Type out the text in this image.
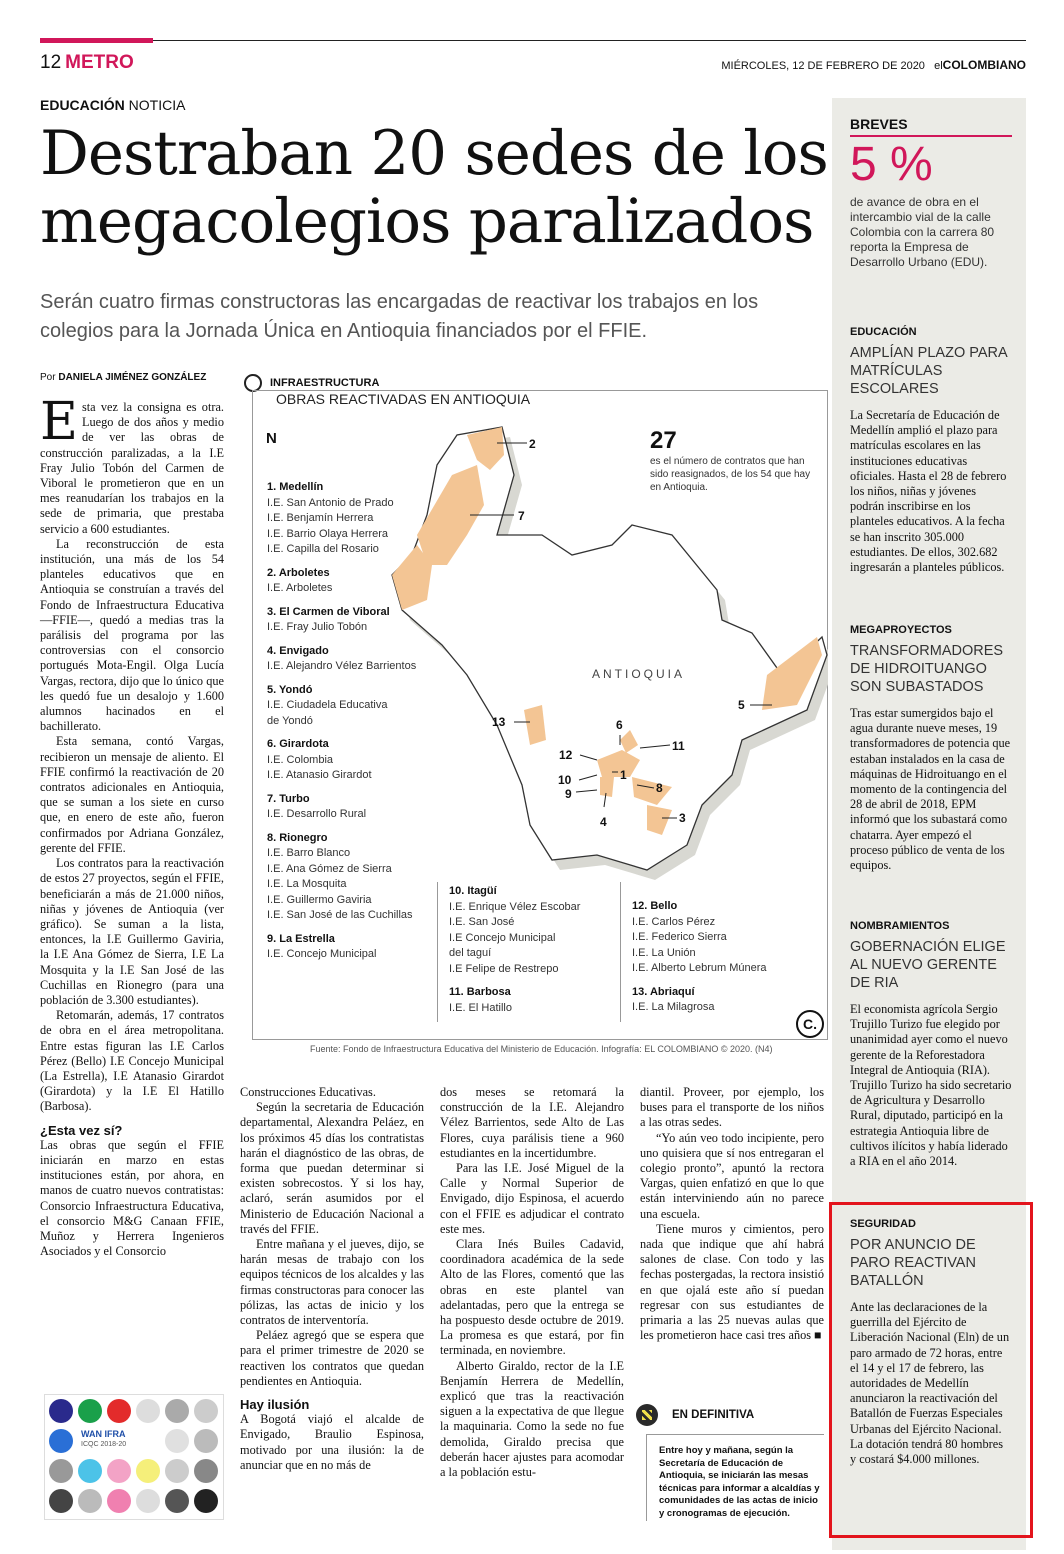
12 METRO	MIÉRCOLES, 12 DE FEBRERO DE 2020 elCOLOMBIANO
EDUCACIÓN NOTICIA
Destraban 20 sedes de los megacolegios paralizados
Serán cuatro firmas constructoras las encargadas de reactivar los trabajos en los colegios para la Jornada Única en Antioquia financiados por el FFIE.
Por DANIELA JIMÉNEZ GONZÁLEZ

Esta vez la consigna es otra. Luego de dos años y medio de ver las obras de construcción paralizadas, a la I.E Fray Julio Tobón del Carmen de Viboral le prometieron que en un mes reanudarían los trabajos en la sede de primaria, que prestaba servicio a 600 estudiantes.

La reconstrucción de esta institución, una más de los 54 planteles educativos que en Antioquia se construían a través del Fondo de Infraestructura Educativa —FFIE—, quedó a medias tras la parálisis del programa por las controversias con el consorcio portugués Mota-Engil. Olga Lucía Vargas, rectora, dijo que lo único que les quedó fue un desalojo y 1.600 alumnos hacinados en el bachillerato.

Esta semana, contó Vargas, recibieron un mensaje de aliento. El FFIE confirmó la reactivación de 20 contratos adicionales en Antioquia, que se suman a los siete en curso que, en enero de este año, fueron confirmados por Adriana González, gerente del FFIE.

Los contratos para la reactivación de estos 27 proyectos, según el FFIE, beneficiarán a más de 21.000 niños, niñas y jóvenes de Antioquia (ver gráfico). Se suman a la lista, entonces, la I.E Guillermo Gaviria, la I.E Ana Gómez de Sierra, I.E La Mosquita y la I.E San José de las Cuchillas en Rionegro (para una población de 3.300 estudiantes).

Retomarán, además, 17 contratos de obra en el área metropolitana. Entre estas figuran las I.E Carlos Pérez (Bello) I.E Concejo Municipal (La Estrella), I.E Atanasio Girardot (Girardota) y la I.E El Hatillo (Barbosa).

¿Esta vez sí?

Las obras que según el FFIE iniciarán en marzo en estas instituciones están, por ahora, en manos de cuatro nuevos contratistas: Consorcio Infraestructura Educativa, el consorcio M&G Canaan FFIE, Muñoz y Herrera Ingenieros Asociados y el Consorcio

WAN IFRA
ICQC 2018-20
INFRAESTRUCTURA
OBRAS REACTIVADAS EN ANTIOQUIA
2
7
1
8
3
5
6
11
13
12
10
9
4
ANTIOQUIA
N	27
es el número de contratos que han sido reasignados, de los 54 que hay en Antioquia.
1. Medellín
I.E. San Antonio de Prado
I.E. Benjamín Herrera
I.E. Barrio Olaya Herrera
I.E. Capilla del Rosario
2. Arboletes
I.E. Arboletes
3. El Carmen de Viboral
I.E. Fray Julio Tobón
4. Envigado
I.E. Alejandro Vélez Barrientos
5. Yondó
I.E. Ciudadela Educativa
de Yondó
6. Girardota
I.E. Colombia
I.E. Atanasio Girardot
7. Turbo
I.E. Desarrollo Rural
8. Rionegro
I.E. Barro Blanco
I.E. Ana Gómez de Sierra
I.E. La Mosquita
I.E. Guillermo Gaviria
I.E. San José de las Cuchillas
9. La Estrella
I.E. Concejo Municipal
10. Itagüí
I.E. Enrique Vélez Escobar
I.E. San José
I.E Concejo Municipal
del taguí
I.E Felipe de Restrepo
11. Barbosa
I.E. El Hatillo
12. Bello
I.E. Carlos Pérez
I.E. Federico Sierra
I.E. La Unión
I.E. Alberto Lebrum Múnera
13. Abriaquí
I.E. La Milagrosa
C.
Fuente: Fondo de Infraestructura Educativa del Ministerio de Educación. Infografía: EL COLOMBIANO © 2020. (N4)

Construcciones Educativas.

Según la secretaria de Educación departamental, Alexandra Peláez, en los próximos 45 días los contratistas harán el diagnóstico de las obras, de forma que puedan determinar si existen sobrecostos. Y si los hay, aclaró, serán asumidos por el Ministerio de Educación Nacional a través del FFIE.

Entre mañana y el jueves, dijo, se harán mesas de trabajo con los equipos técnicos de los alcaldes y las firmas constructoras para conocer las pólizas, las actas de inicio y los contratos de interventoría.

Peláez agregó que se espera que para el primer trimestre de 2020 se reactiven los contratos que quedan pendientes en Antioquia.

Hay ilusión

A Bogotá viajó el alcalde de Envigado, Braulio Espinosa, motivado por una ilusión: la de anunciar que en no más de

dos meses se retomará la construcción de la I.E. Alejandro Vélez Barrientos, sede Alto de Las Flores, cuya parálisis tiene a 960 estudiantes en la incertidumbre.

Para las I.E. José Miguel de la Calle y Normal Superior de Envigado, dijo Espinosa, el acuerdo con el FFIE es adjudicar el contrato este mes.

Clara Inés Builes Cadavid, coordinadora académica de la sede Alto de las Flores, comentó que las obras en este plantel van adelantadas, pero que la entrega se ha pospuesto desde octubre de 2019. La promesa es que estará, por fin terminada, en noviembre.

Alberto Giraldo, rector de la I.E Benjamín Herrera de Medellín, explicó que tras la reactivación siguen a la expectativa de que llegue la maquinaria. Como la sede no fue demolida, Giraldo precisa que deberán hacer ajustes para acomodar a la población estu-

diantil. Proveer, por ejemplo, los buses para el transporte de los niños a las otras sedes.

“Yo aún veo todo incipiente, pero uno quisiera que sí nos entregaran el colegio pronto”, apuntó la rectora Vargas, quien enfatizó en que lo que están interviniendo aún no parece una escuela.

Tiene muros y cimientos, pero nada que indique que ahí habrá salones de clase. Con todo y las fechas postergadas, la rectora insistió en que ojalá este año sí puedan regresar con sus estudiantes de primaria a las 25 nuevas aulas que les prometieron hace casi tres años ■

EN DEFINITIVA
Entre hoy y mañana, según la Secretaría de Educación de Antioquia, se iniciarán las mesas técnicas para informar a alcaldías y comunidades de las actas de inicio y cronogramas de ejecución.
BREVES
5 %
de avance de obra en el intercambio vial de la calle Colombia con la carrera 80 reporta la Empresa de Desarrollo Urbano (EDU).
EDUCACIÓN
AMPLÍAN PLAZO PARA MATRÍCULAS ESCOLARES
La Secretaría de Educación de Medellín amplió el plazo para matrículas escolares en las instituciones educativas oficiales. Hasta el 28 de febrero los niños, niñas y jóvenes podrán inscribirse en los planteles educativos. A la fecha se han inscrito 305.000 estudiantes. De ellos, 302.682 ingresarán a planteles públicos.
MEGAPROYECTOS
TRANSFORMADORES DE HIDROITUANGO SON SUBASTADOS
Tras estar sumergidos bajo el agua durante nueve meses, 19 transformadores de potencia que estaban instalados en la casa de máquinas de Hidroituango en el momento de la contingencia del 28 de abril de 2018, EPM informó que los subastará como chatarra. Ayer empezó el proceso público de venta de los equipos.
NOMBRAMIENTOS
GOBERNACIÓN ELIGE AL NUEVO GERENTE DE RIA
El economista agrícola Sergio Trujillo Turizo fue elegido por unanimidad ayer como el nuevo gerente de la Reforestadora Integral de Antioquia (RIA). Trujillo Turizo ha sido secretario de Agricultura y Desarrollo Rural, diputado, participó en la estrategia Antioquia libre de cultivos ilícitos y había liderado a RIA en el año 2014.
SEGURIDAD
POR ANUNCIO DE PARO REACTIVAN BATALLÓN
Ante las declaraciones de la guerrilla del Ejército de Liberación Nacional (Eln) de un paro armado de 72 horas, entre el 14 y el 17 de febrero, las autoridades de Medellín anunciaron la reactivación del Batallón de Fuerzas Especiales Urbanas del Ejército Nacional. La dotación tendrá 80 hombres y costará $4.000 millones.
